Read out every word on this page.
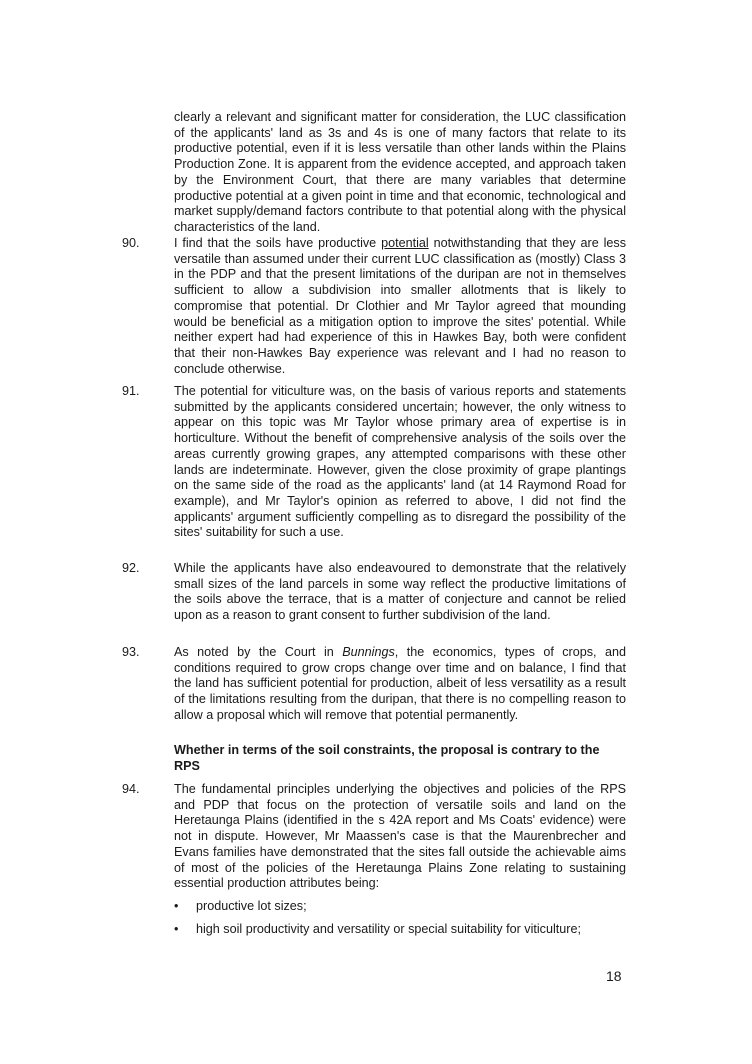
clearly a relevant and significant matter for consideration, the LUC classification of the applicants' land as 3s and 4s is one of many factors that relate to its productive potential, even if it is less versatile than other lands within the Plains Production Zone. It is apparent from the evidence accepted, and approach taken by the Environment Court, that there are many variables that determine productive potential at a given point in time and that economic, technological and market supply/demand factors contribute to that potential along with the physical characteristics of the land.

90.	I find that the soils have productive potential notwithstanding that they are less versatile than assumed under their current LUC classification as (mostly) Class 3 in the PDP and that the present limitations of the duripan are not in themselves sufficient to allow a subdivision into smaller allotments that is likely to compromise that potential. Dr Clothier and Mr Taylor agreed that mounding would be beneficial as a mitigation option to improve the sites' potential. While neither expert had had experience of this in Hawkes Bay, both were confident that their non-Hawkes Bay experience was relevant and I had no reason to conclude otherwise.

91.	The potential for viticulture was, on the basis of various reports and statements submitted by the applicants considered uncertain; however, the only witness to appear on this topic was Mr Taylor whose primary area of expertise is in horticulture. Without the benefit of comprehensive analysis of the soils over the areas currently growing grapes, any attempted comparisons with these other lands are indeterminate. However, given the close proximity of grape plantings on the same side of the road as the applicants' land (at 14 Raymond Road for example), and Mr Taylor's opinion as referred to above, I did not find the applicants' argument sufficiently compelling as to disregard the possibility of the sites' suitability for such a use.

92.	While the applicants have also endeavoured to demonstrate that the relatively small sizes of the land parcels in some way reflect the productive limitations of the soils above the terrace, that is a matter of conjecture and cannot be relied upon as a reason to grant consent to further subdivision of the land.

93.	As noted by the Court in Bunnings, the economics, types of crops, and conditions required to grow crops change over time and on balance, I find that the land has sufficient potential for production, albeit of less versatility as a result of the limitations resulting from the duripan, that there is no compelling reason to allow a proposal which will remove that potential permanently.

Whether in terms of the soil constraints, the proposal is contrary to the RPS

94.	The fundamental principles underlying the objectives and policies of the RPS and PDP that focus on the protection of versatile soils and land on the Heretaunga Plains (identified in the s 42A report and Ms Coats' evidence) were not in dispute. However, Mr Maassen's case is that the Maurenbrecher and Evans families have demonstrated that the sites fall outside the achievable aims of most of the policies of the Heretaunga Plains Zone relating to sustaining essential production attributes being:

• productive lot sizes;
• high soil productivity and versatility or special suitability for viticulture;
18
